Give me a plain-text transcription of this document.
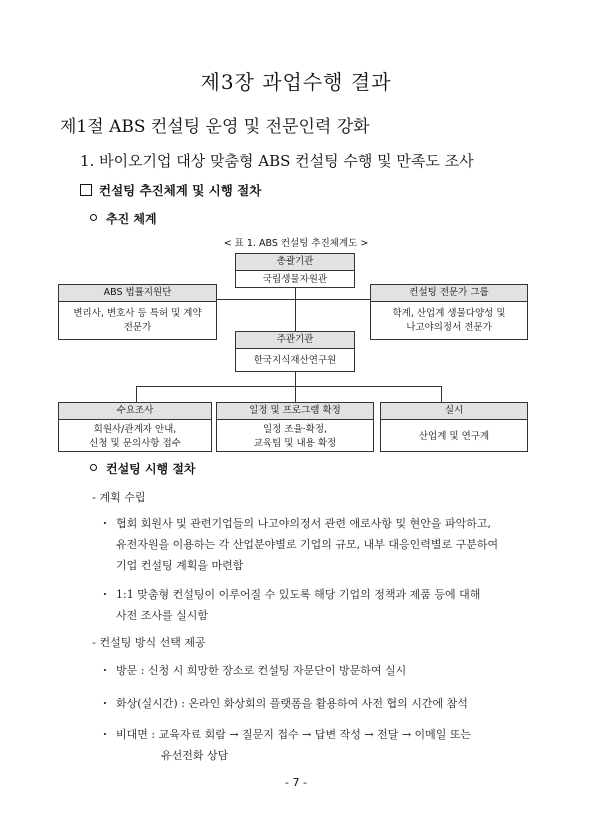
제3장 과업수행 결과
제1절 ABS 컨설팅 운영 및 전문인력 강화
1. 바이오기업 대상 맞춤형 ABS 컨설팅 수행 및 만족도 조사
컨설팅 추진체계 및 시행 절차
추진 체계
< 표 1. ABS 컨설팅 추진체계도 >
총괄기관
국립생물자원관
ABS 법률지원단
변리사, 변호사 등 특허 및 계약
전문가
컨설팅 전문가 그룹
학계, 산업계 생물다양성 및
나고야의정서 전문가
주관기관
한국지식재산연구원
수요조사
회원사/관계자 안내,
신청 및 문의사항 접수
일정 및 프로그램 확정
일정 조율·확정,
교육팀 및 내용 확정
실시
산업계 및 연구계
컨설팅 시행 절차
- 계획 수립
· 협회 회원사 및 관련기업들의 나고야의정서 관련 애로사항 및 현안을 파악하고,
유전자원을 이용하는 각 산업분야별로 기업의 규모, 내부 대응인력별로 구분하여
기업 컨설팅 계획을 마련함
· 1:1 맞춤형 컨설팅이 이루어질 수 있도록 해당 기업의 정책과 제품 등에 대해
사전 조사를 실시함
- 컨설팅 방식 선택 제공
· 방문 : 신청 시 희망한 장소로 컨설팅 자문단이 방문하여 실시
· 화상(실시간) : 온라인 화상회의 플랫폼을 활용하여 사전 협의 시간에 참석
· 비대면 : 교육자료 회람 → 질문지 접수 → 답변 작성 → 전달 → 이메일 또는
유선전화 상담
- 7 -
